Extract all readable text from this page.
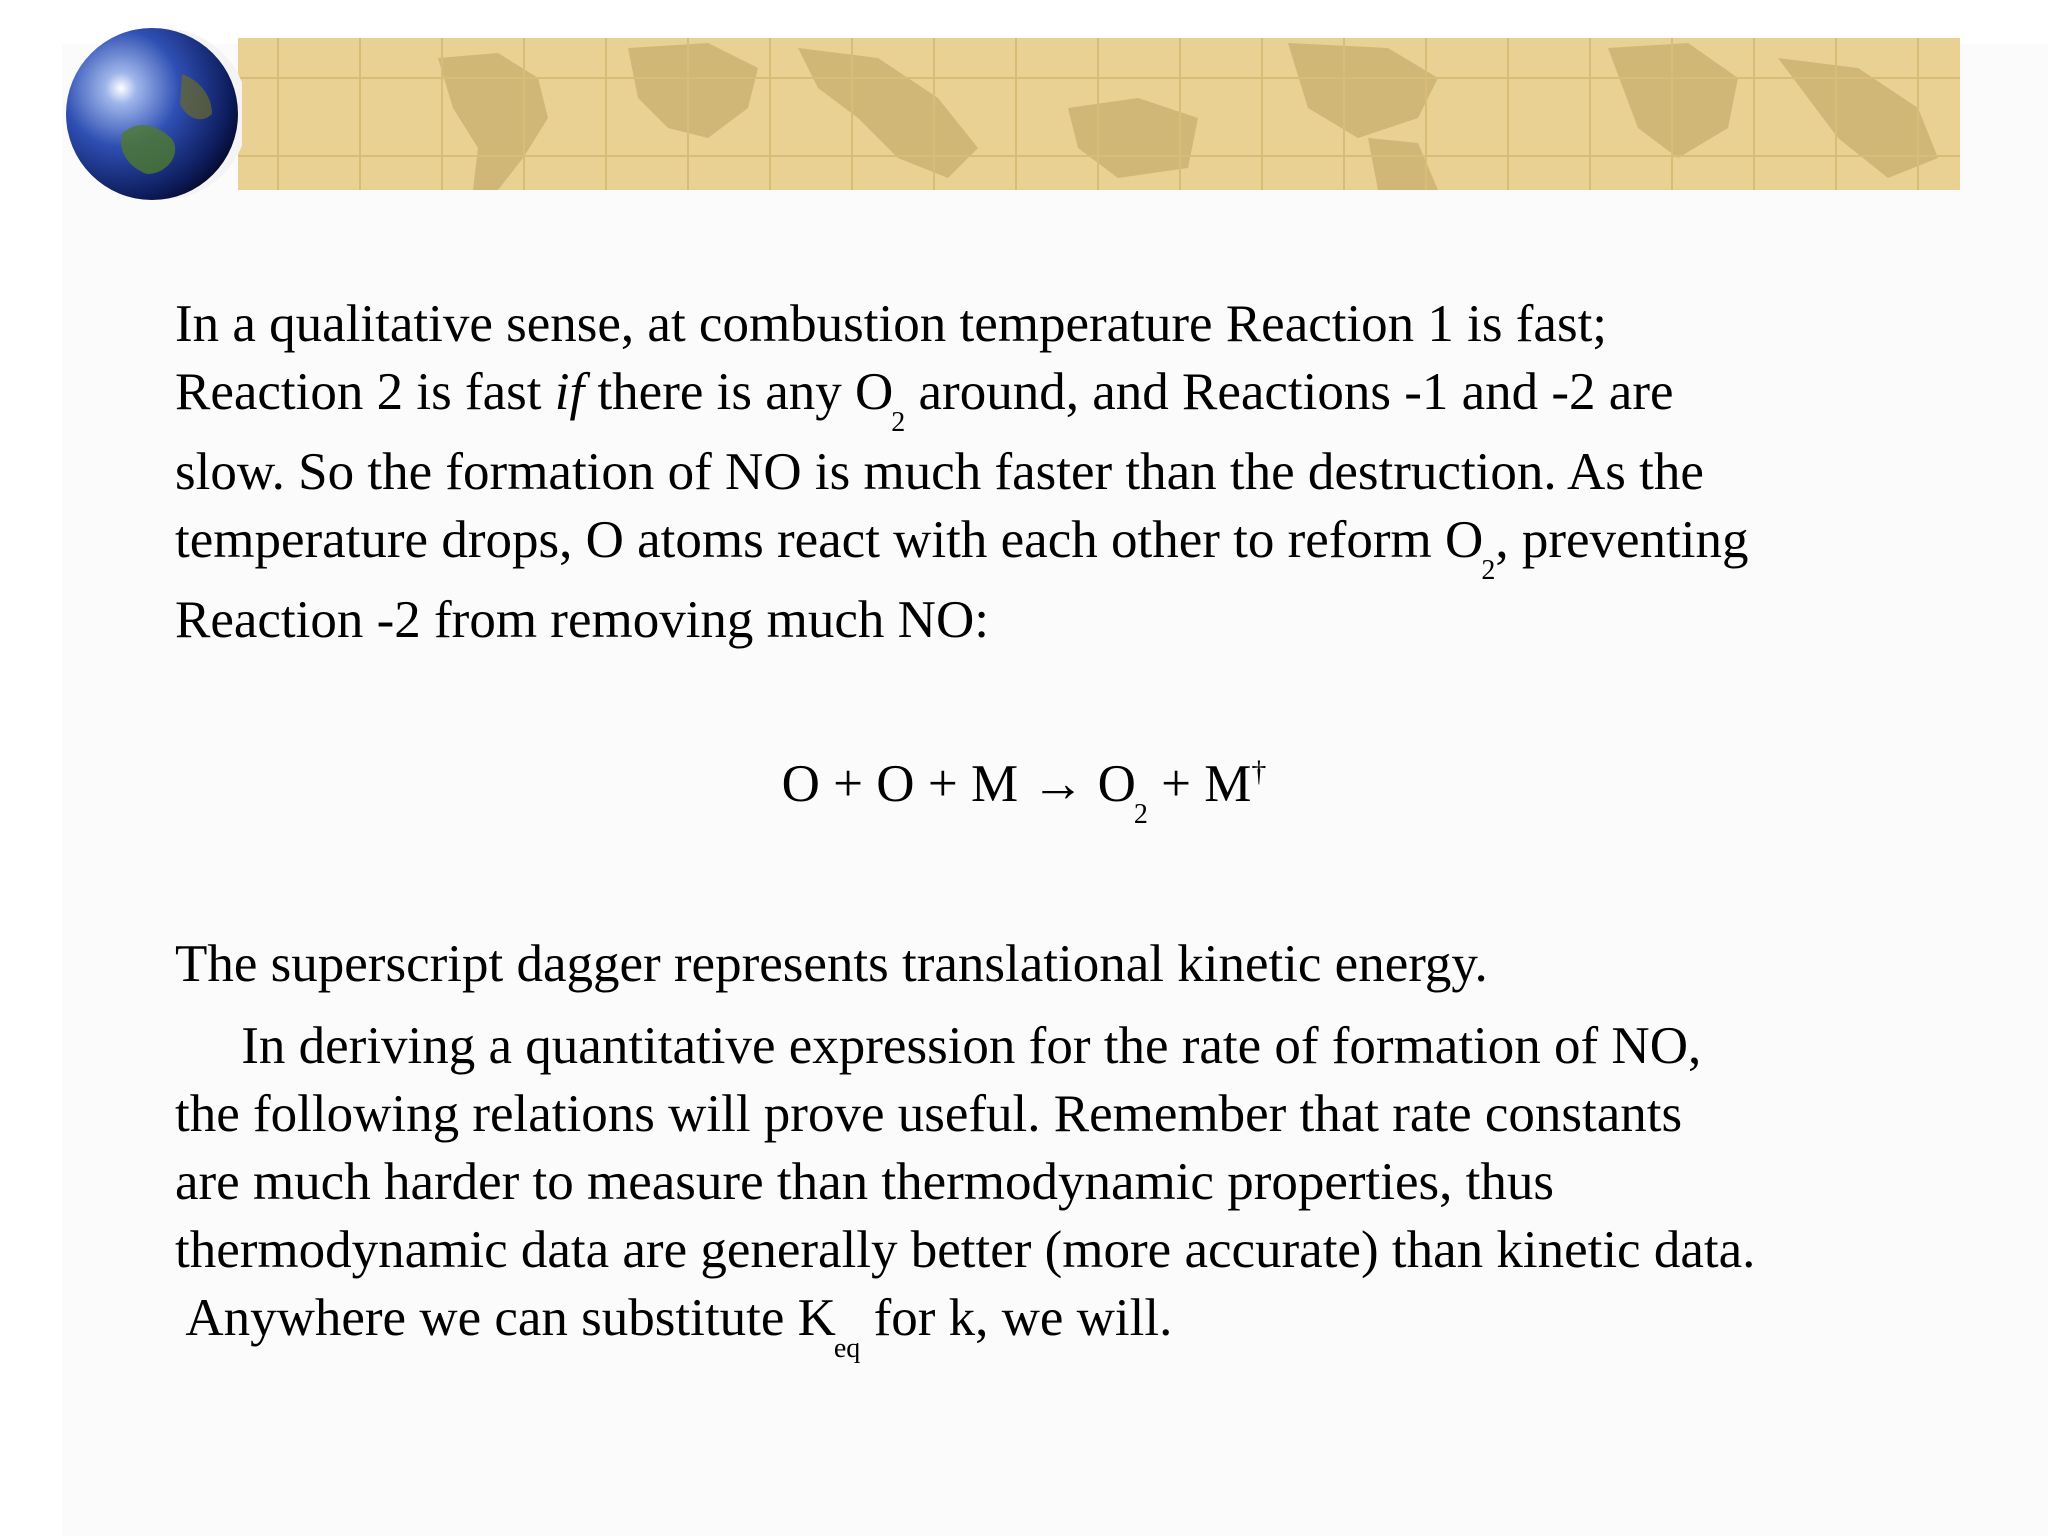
In a qualitative sense, at combustion temperature Reaction 1 is fast;

Reaction 2 is fast if there is any $O_2$ around, and Reactions -1 and -2 are

slow. So the formation of NO is much faster than the destruction. As the

temperature drops, O atoms react with each other to reform $O_2$, preventing

Reaction -2 from removing much NO:

$O + O + M \to O_2 + M^\dagger$

The superscript dagger represents translational kinetic energy.

In deriving a quantitative expression for the rate of formation of NO,

the following relations will prove useful. Remember that rate constants

are much harder to measure than thermodynamic properties, thus

thermodynamic data are generally better (more accurate) than kinetic data.

Anywhere we can substitute $K_{eq}$ for k, we will.
